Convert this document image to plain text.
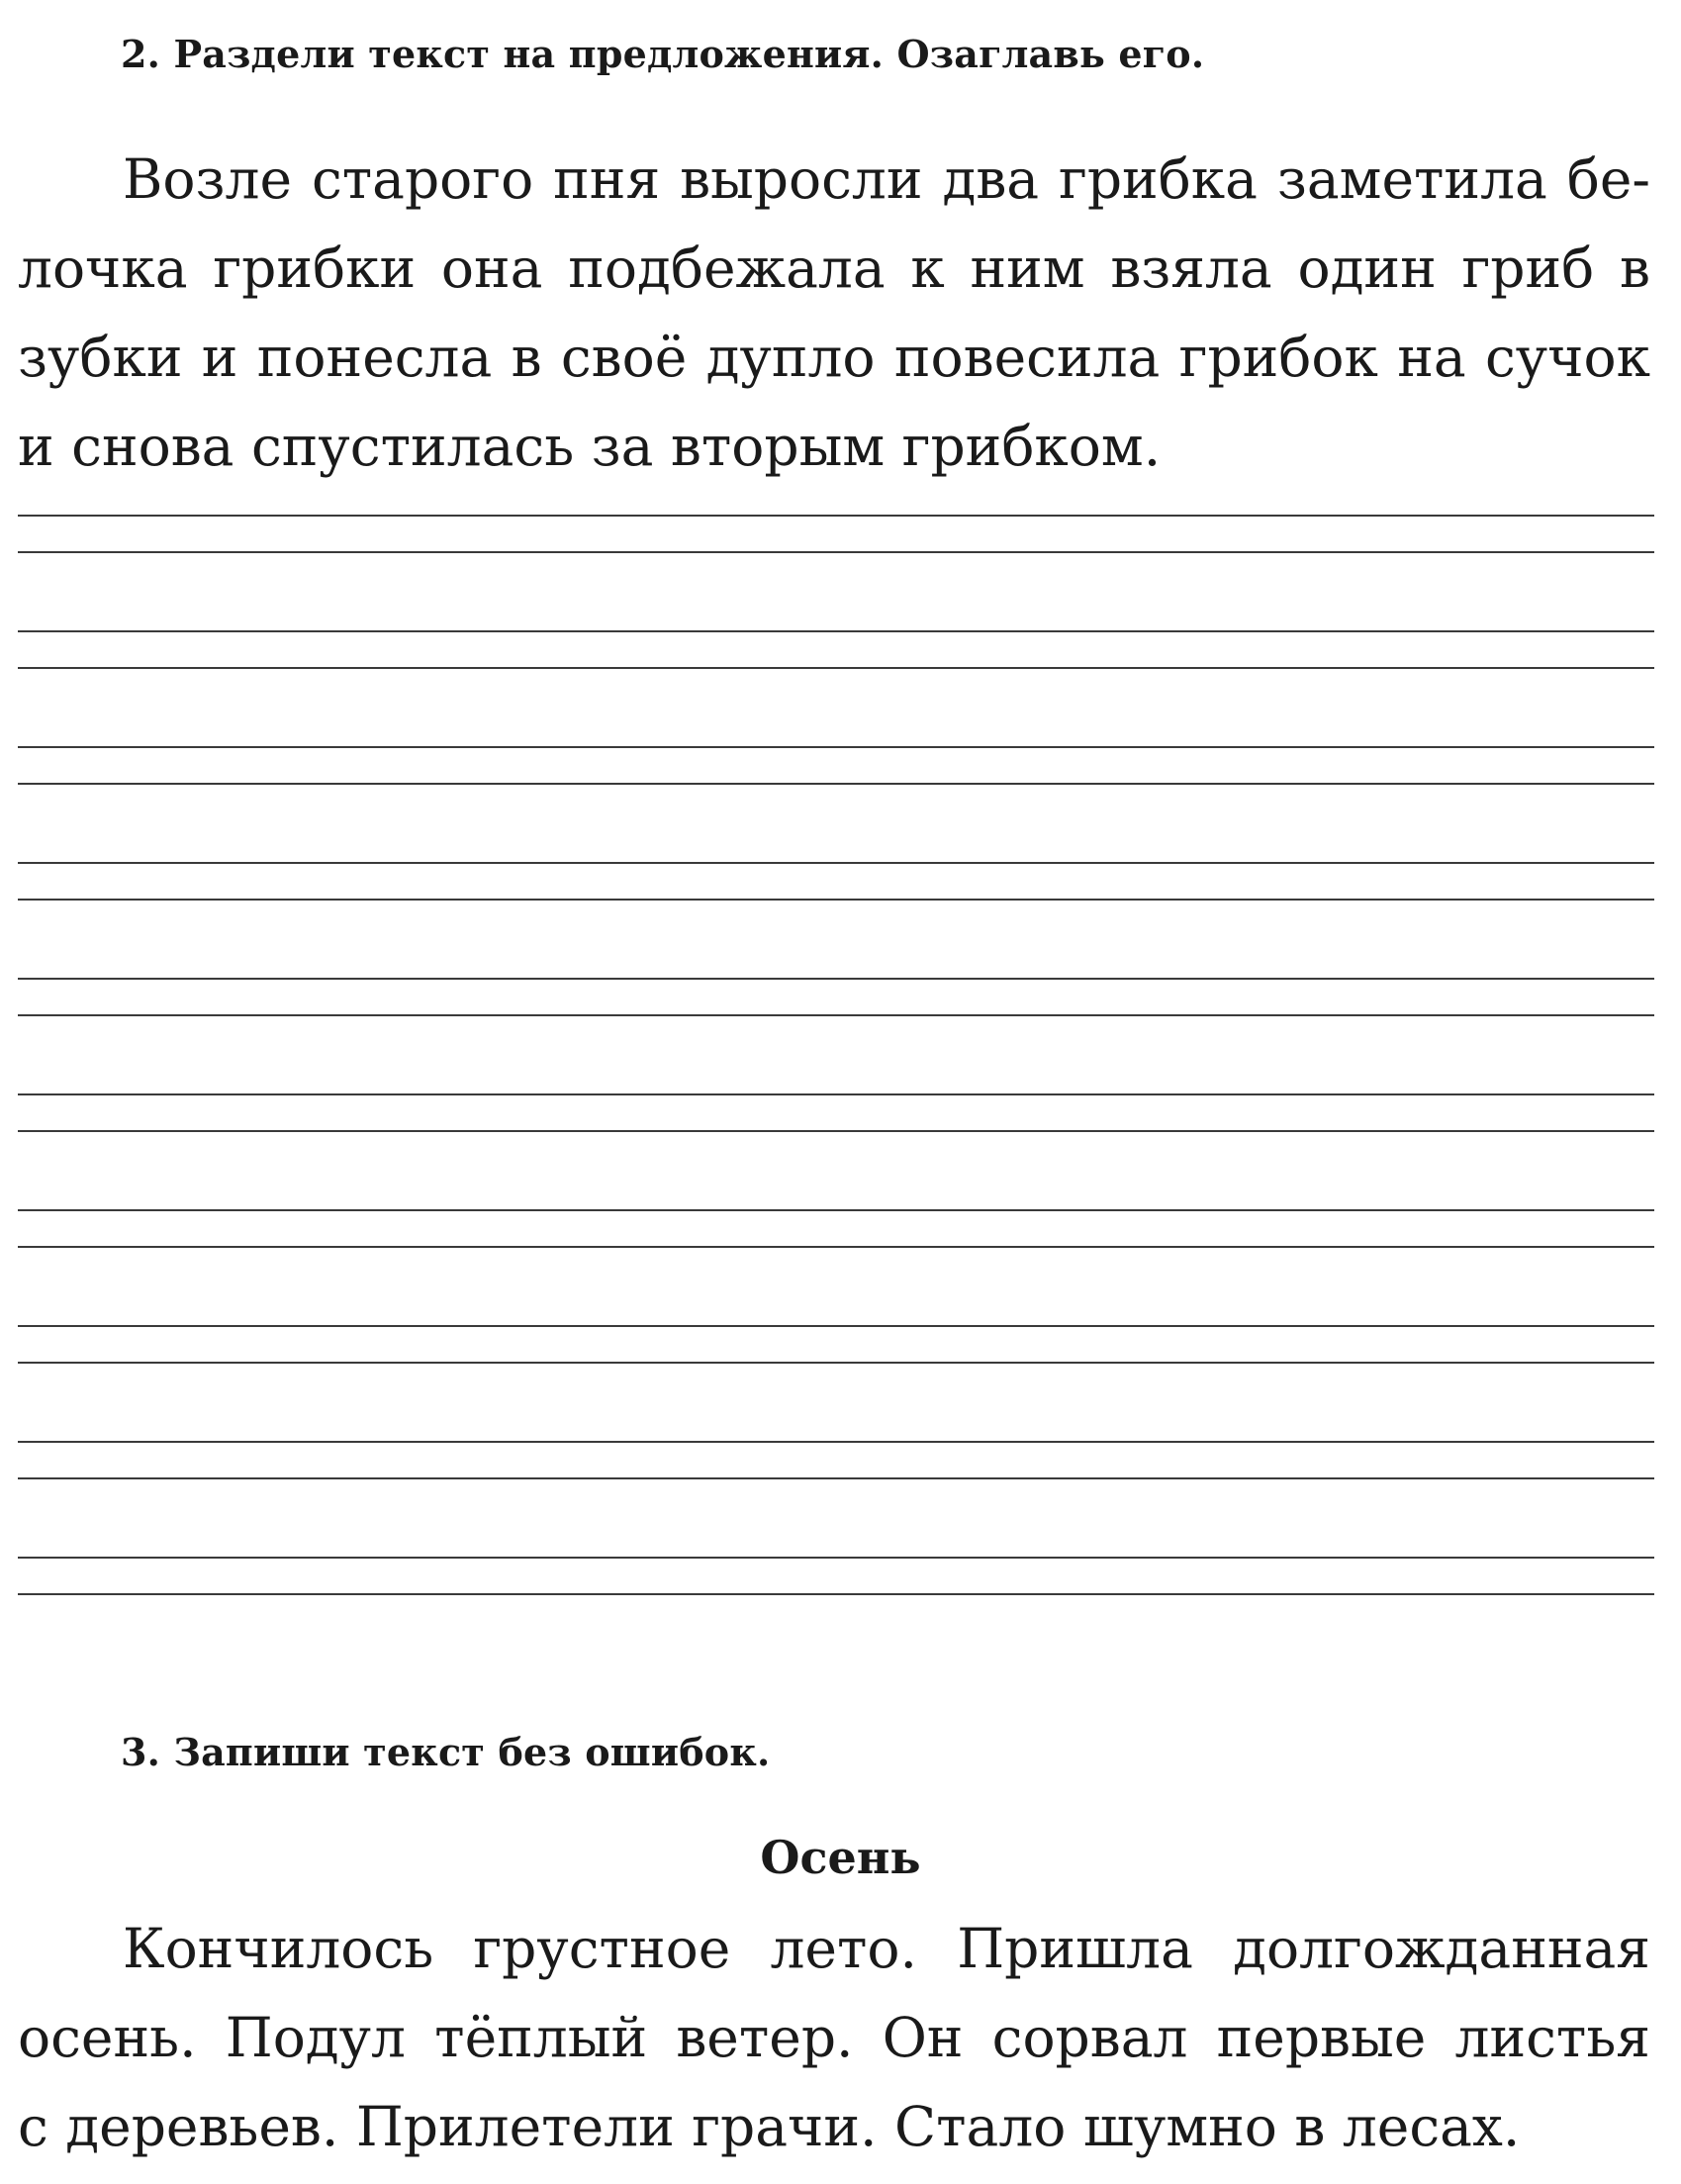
2. Раздели текст на предложения. Озаглавь его.
Возле старого пня выросли два грибка заметила бе-
лочка грибки она подбежала к ним взяла один гриб в
зубки и понесла в своё дупло повесила грибок на сучок
и снова спустилась за вторым грибком.
3. Запиши текст без ошибок.
Осень
Кончилось грустное лето. Пришла долгожданная
осень. Подул тёплый ветер. Он сорвал первые листья
с деревьев. Прилетели грачи. Стало шумно в лесах.
